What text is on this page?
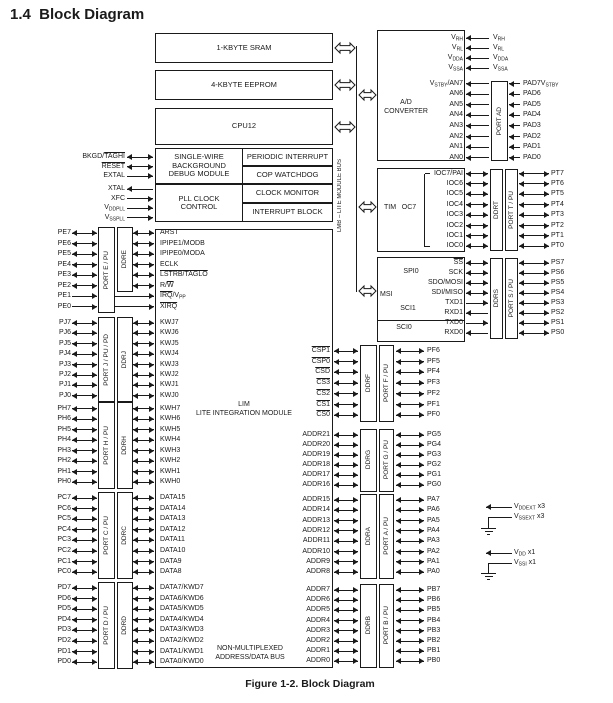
1.4  Block Diagram
1-KBYTE SRAM
4-KBYTE EEPROM
CPU12
SINGLE-WIRE
BACKGROUND
DEBUG MODULE
PLL CLOCK
CONTROL
PERIODIC INTERRUPT
COP WATCHDOG
CLOCK MONITOR
INTERRUPT BLOCK
LIM
LITE INTEGRATION MODULE
NON-MULTIPLEXED
ADDRESS/DATA BUS
A/D
CONVERTER
TIM OC7
MSI
SPI0
SCI1
SCI0
LMB – LITE MODULE BUS
BKGD/TAGHI
RESET
EXTAL
XTAL
XFC
$V_{DDPLL}$
$V_{SSPLL}$
PORT E / PU DDRE
PE7	ARST
PE6	IPIPE1/MODB
PE5	IPIPE0/MODA
PE4	ECLK
PE3	LSTRB/TAGLO
PE2	$R/\overline{W}$
PE1	$\overline{IRQ}/V_{PP}$
PE0	XIRQ
PORT J / PU / PD DDRJ
PJ7	KWJ7
PJ6	KWJ6
PJ5	KWJ5
PJ4	KWJ4
PJ3	KWJ3
PJ2	KWJ2
PJ1	KWJ1
PJ0	KWJ0
PORT H / PU DDRH
PH7	KWH7
PH6	KWH6
PH5	KWH5
PH4	KWH4
PH3	KWH3
PH2	KWH2
PH1	KWH1
PH0	KWH0
PORT C / PU DDRC
PC7	DATA15
PC6	DATA14
PC5	DATA13
PC4	DATA12
PC3	DATA11
PC2	DATA10
PC1	DATA9
PC0	DATA8
PORT D / PU DDRD
PD7	DATA7/KWD7
PD6	DATA6/KWD6
PD5	DATA5/KWD5
PD4	DATA4/KWD4
PD3	DATA3/KWD3
PD2	DATA2/KWD2
PD1	DATA1/KWD1
PD0	DATA0/KWD0
DDRF PORT F / PU
CSP1	PF6
CSP0	PF5
$\overline{CSD}$	PF4
CS3	PF3
CS2	PF2
CS1	PF1
CS0	PF0
DDRG PORT G / PU
ADDR21	PG5
ADDR20	PG4
ADDR19	PG3
ADDR18	PG2
ADDR17	PG1
ADDR16	PG0
DDRA PORT A / PU
ADDR15	PA7
ADDR14	PA6
ADDR13	PA5
ADDR12	PA4
ADDR11	PA3
ADDR10	PA2
ADDR9	PA1
ADDR8	PA0
DDRB PORT B / PU
ADDR7	PB7
ADDR6	PB6
ADDR5	PB5
ADDR4	PB4
ADDR3	PB3
ADDR2	PB2
ADDR1	PB1
ADDR0	PB0
$V_{RH}$	$V_{RH}$
$V_{RL}$	$V_{RL}$
$V_{DDA}$	$V_{DDA}$
$V_{SSA}$	$V_{SSA}$
PORT AD
$V_{STBY}/AN7$	$PAD7V_{STBY}$
AN6	PAD6
AN5	PAD5
AN4	PAD4
AN3	PAD3
AN2	PAD2
AN1	PAD1
AN0	PAD0
DDRT PORT T / PU
IOC7/PAI	PT7
IOC6	PT6
IOC5	PT5
IOC4	PT4
IOC3	PT3
IOC2	PT2
IOC1	PT1
IOC0	PT0
DDRS PORT S / PU
$\overline{SS}$	PS7
SCK	PS6
SDO/MOSI	PS5
SDI/MISO	PS4
TXD1	PS3
RXD1	PS2
TXD0	PS1
RXD0	PS0
$V_{DDEXT}$ x3
$V_{SSEXT}$ x3
$V_{DD}$ x1
$V_{SSI}$ x1
Figure 1-2. Block Diagram
